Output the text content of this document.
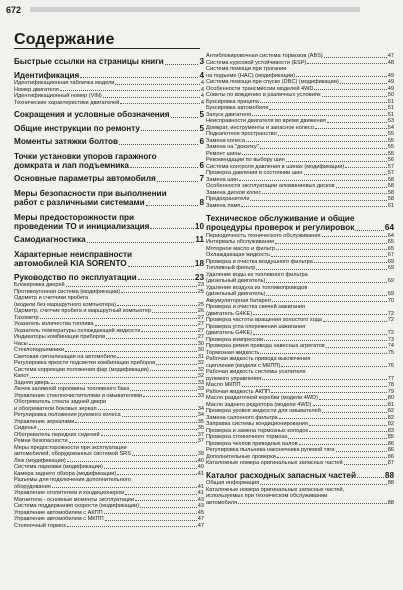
672
Содержание
Быстрые ссылки на страницы книги	3
Идентификация	4
Идентификационная табличка модели	4
Номер двигателя	4
Идентификационный номер (VIN)	4
Технические характеристики двигателей	4
Сокращения и условные обозначения	5
Общие инструкции по ремонту	5
Моменты затяжки болтов	6
Точки установки упоров гаражного
домкрата и лап подъемника	6
Основные параметры автомобиля	7
Меры безопасности при выполнении
работ с различными системами	8
Меры предосторожности при
проведении ТО и инициализация	10
Самодиагностика	11
Характерные неисправности
автомобилей KIA SORENTO	18
Руководство по эксплуатации	23
Блокировка дверей	23
Противоугонная система (модификации)	25
Одометр и счетчики пробега
(модели без маршрутного компьютера)	25
Одометр, счетчик пробега и маршрутный компьютер	26
Тахометр	27
Указатель количества топлива	27
Указатель температуры охлаждающей жидкости	27
Индикаторы комбинации приборов	27
Часы	30
Стеклоподъемники	30
Световая сигнализация на автомобиле	31
Регулировка яркости подсветки комбинации приборов	32
Система коррекции положения фар (модификации)	32
Капот	32
Задняя дверь	33
Лючок заливной горловины топливного бака	33
Управление стеклоочистителями и омывателями	33
Обогреватель стекла задней двери
и обогреватели боковых зеркал	34
Регулировка положения рулевого колеса	34
Управление зеркалами	35
Сиденья	35
Обогреватель передних сидений	37
Ремни безопасности	37
Меры предосторожности при эксплуатации
автомобилей, оборудованных системой SRS	39
Люк (модификации)	40
Система парковки (модификации)	40
Камера заднего обзора (модификации)	41
Разъемы для подключения дополнительного
оборудования	41
Управление отопителем и кондиционером	41
Магнитола - основные моменты эксплуатации	43
Система поддержания скорости (модификации)	43
Управление автомобилем с АКПП	45
Управление автомобилем с МКПП	47
Стояночный тормоз	47
Антиблокировочная система тормозов (ABS)	47
Система курсовой устойчивости (ESP)	48
Система помощи при трогании
на подъеме (HAC) (модификации)	49
Система помощи при спуске (DBC) (модификации)	49
Особенности трансмиссии моделей 4WD	49
Советы по вождению в различных условиях	50
Буксировка прицепа	51
Буксировка автомобиля	51
Запуск двигателя	51
Неисправности двигателя во время движения	53
Домкрат, инструменты и запасное колесо	54
Подкапотное пространство	55
Замена колеса	55
Замена на "докатку"	55
Ремонт шины	55
Рекомендации по выбору шин	56
Система контроля давления в шинах (модификации)	57
Проверка давления в состоянии шин	57
Замена шин	58
Особенности эксплуатации алюминиевых дисков	58
Замена дисков колес	58
Предохранители	58
Замена ламп	61
Техническое обслуживание и общие
процедуры проверок и регулировок	64
Периодичность технического обслуживания	64
Интервалы обслуживания	65
Моторное масло и фильтр	65
Охлаждающая жидкость	67
Проверка и очистка воздушного фильтра	69
Топливный фильтр	69
Удаление воды из топливного фильтра
(дизельный двигатель)	69
Удаление воздуха из топливопроводов
(дизельный двигатель)	69
Аккумуляторная батарея	70
Проверка и очистка свечей зажигания
(двигатель G4KE)	72
Проверка частоты вращения холостого хода	72
Проверка угла опережения зажигания
(двигатель G4KE)	72
Проверка компрессии	73
Проверка ремня привода навесных агрегатов	74
Тормозная жидкость	75
Рабочая жидкость привода выключения
сцепления (модели с МКПП)	76
Рабочая жидкость системы усилителя
рулевого управления	77
Масло МКПП	78
Рабочая жидкость АКПП	79
Масло раздаточной коробки (модели 4WD)	80
Масло заднего редуктора (модели 4WD)	81
Проверка уровня жидкости для омывателей	82
Замена салонного фильтра	82
Заправка системы кондиционирования	82
Проверка и замена тормозных колодок	83
Проверка стояночного тормоза	85
Проверка чехлов приводных валов	86
Регулировка пыльника наконечника рулевой тяги	86
Дополнительные проверки	86
Каталожные номера оригинальных запасных частей	87
Каталог расходных запасных частей	88
Общая информация	88
Каталожные номера оригинальных запасных частей,
используемых при техническом обслуживании
автомобиля	88
